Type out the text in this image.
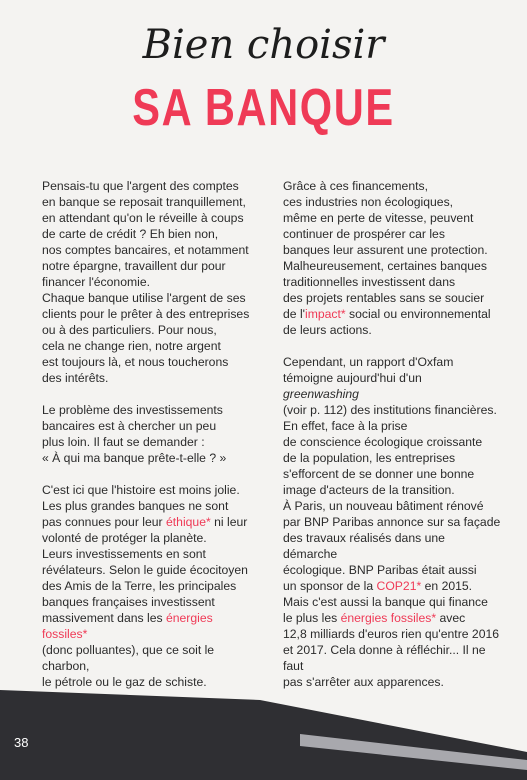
Bien choisir
SA BANQUE

Pensais-tu que l'argent des comptes
en banque se reposait tranquillement,
en attendant qu'on le réveille à coups
de carte de crédit ? Eh bien non,
nos comptes bancaires, et notamment
notre épargne, travaillent dur pour
financer l'économie.
Chaque banque utilise l'argent de ses
clients pour le prêter à des entreprises
ou à des particuliers. Pour nous,
cela ne change rien, notre argent
est toujours là, et nous toucherons
des intérêts.

Le problème des investissements
bancaires est à chercher un peu
plus loin. Il faut se demander :
« À qui ma banque prête-t-elle ? »

C'est ici que l'histoire est moins jolie.
Les plus grandes banques ne sont
pas connues pour leur éthique* ni leur
volonté de protéger la planète.
Leurs investissements en sont
révélateurs. Selon le guide écocitoyen
des Amis de la Terre, les principales
banques françaises investissent
massivement dans les énergies fossiles*
(donc polluantes), que ce soit le charbon,
le pétrole ou le gaz de schiste.

Grâce à ces financements,
ces industries non écologiques,
même en perte de vitesse, peuvent
continuer de prospérer car les
banques leur assurent une protection.
Malheureusement, certaines banques
traditionnelles investissent dans
des projets rentables sans se soucier
de l'impact* social ou environnemental
de leurs actions.

Cependant, un rapport d'Oxfam
témoigne aujourd'hui d'un greenwashing
(voir p. 112) des institutions financières.
En effet, face à la prise
de conscience écologique croissante
de la population, les entreprises
s'efforcent de se donner une bonne
image d'acteurs de la transition.
À Paris, un nouveau bâtiment rénové
par BNP Paribas annonce sur sa façade
des travaux réalisés dans une démarche
écologique. BNP Paribas était aussi
un sponsor de la COP21* en 2015.
Mais c'est aussi la banque qui finance
le plus les énergies fossiles* avec
12,8 milliards d'euros rien qu'entre 2016
et 2017. Cela donne à réfléchir... Il ne faut
pas s'arrêter aux apparences.

38
